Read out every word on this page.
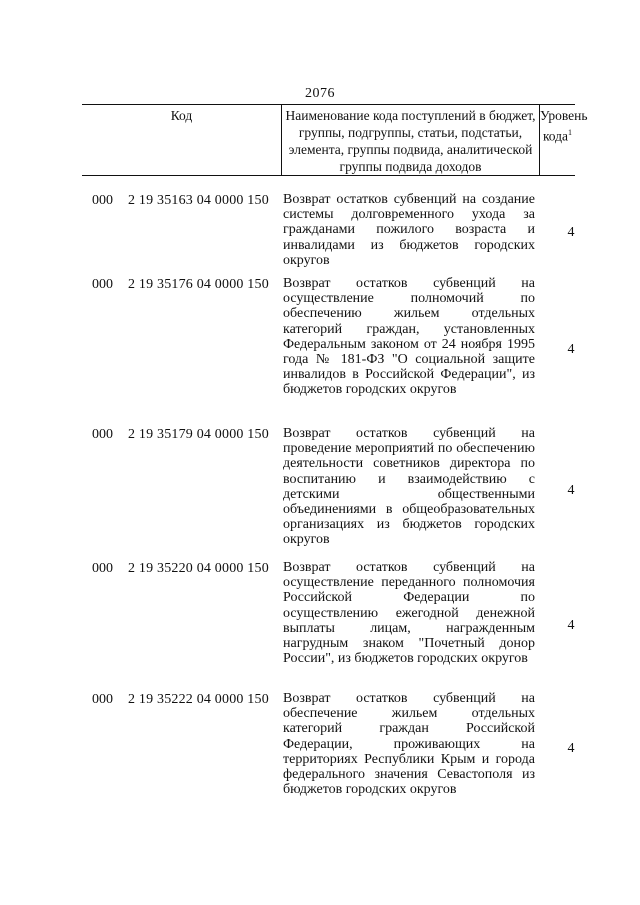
2076
Код	Наименование кода поступлений в бюджет, группы, подгруппы, статьи, подстатьи, элемента, группы подвида, аналитической группы подвида доходов
Уровень кода$^1$
000	2 19 35163 04 0000 150	Возврат остатков субвенций на создание системы долговременного ухода за гражданами пожилого возраста и инвалидами из бюджетов городских округов
4
000	2 19 35176 04 0000 150	Возврат остатков субвенций на осуществление полномочий по обеспечению жильем отдельных категорий граждан, установленных Федеральным законом от 24 ноября 1995 года № 181-ФЗ "О социальной защите инвалидов в Российской Федерации", из бюджетов городских округов
4
000	2 19 35179 04 0000 150	Возврат остатков субвенций на проведение мероприятий по обеспечению деятельности советников директора по воспитанию и взаимодействию с детскими общественными объединениями в общеобразовательных организациях из бюджетов городских округов
4
000	2 19 35220 04 0000 150	Возврат остатков субвенций на осуществление переданного полномочия Российской Федерации по осуществлению ежегодной денежной выплаты лицам, награжденным нагрудным знаком "Почетный донор России", из бюджетов городских округов
4
000	2 19 35222 04 0000 150	Возврат остатков субвенций на обеспечение жильем отдельных категорий граждан Российской Федерации, проживающих на территориях Республики Крым и города федерального значения Севастополя из бюджетов городских округов
4
